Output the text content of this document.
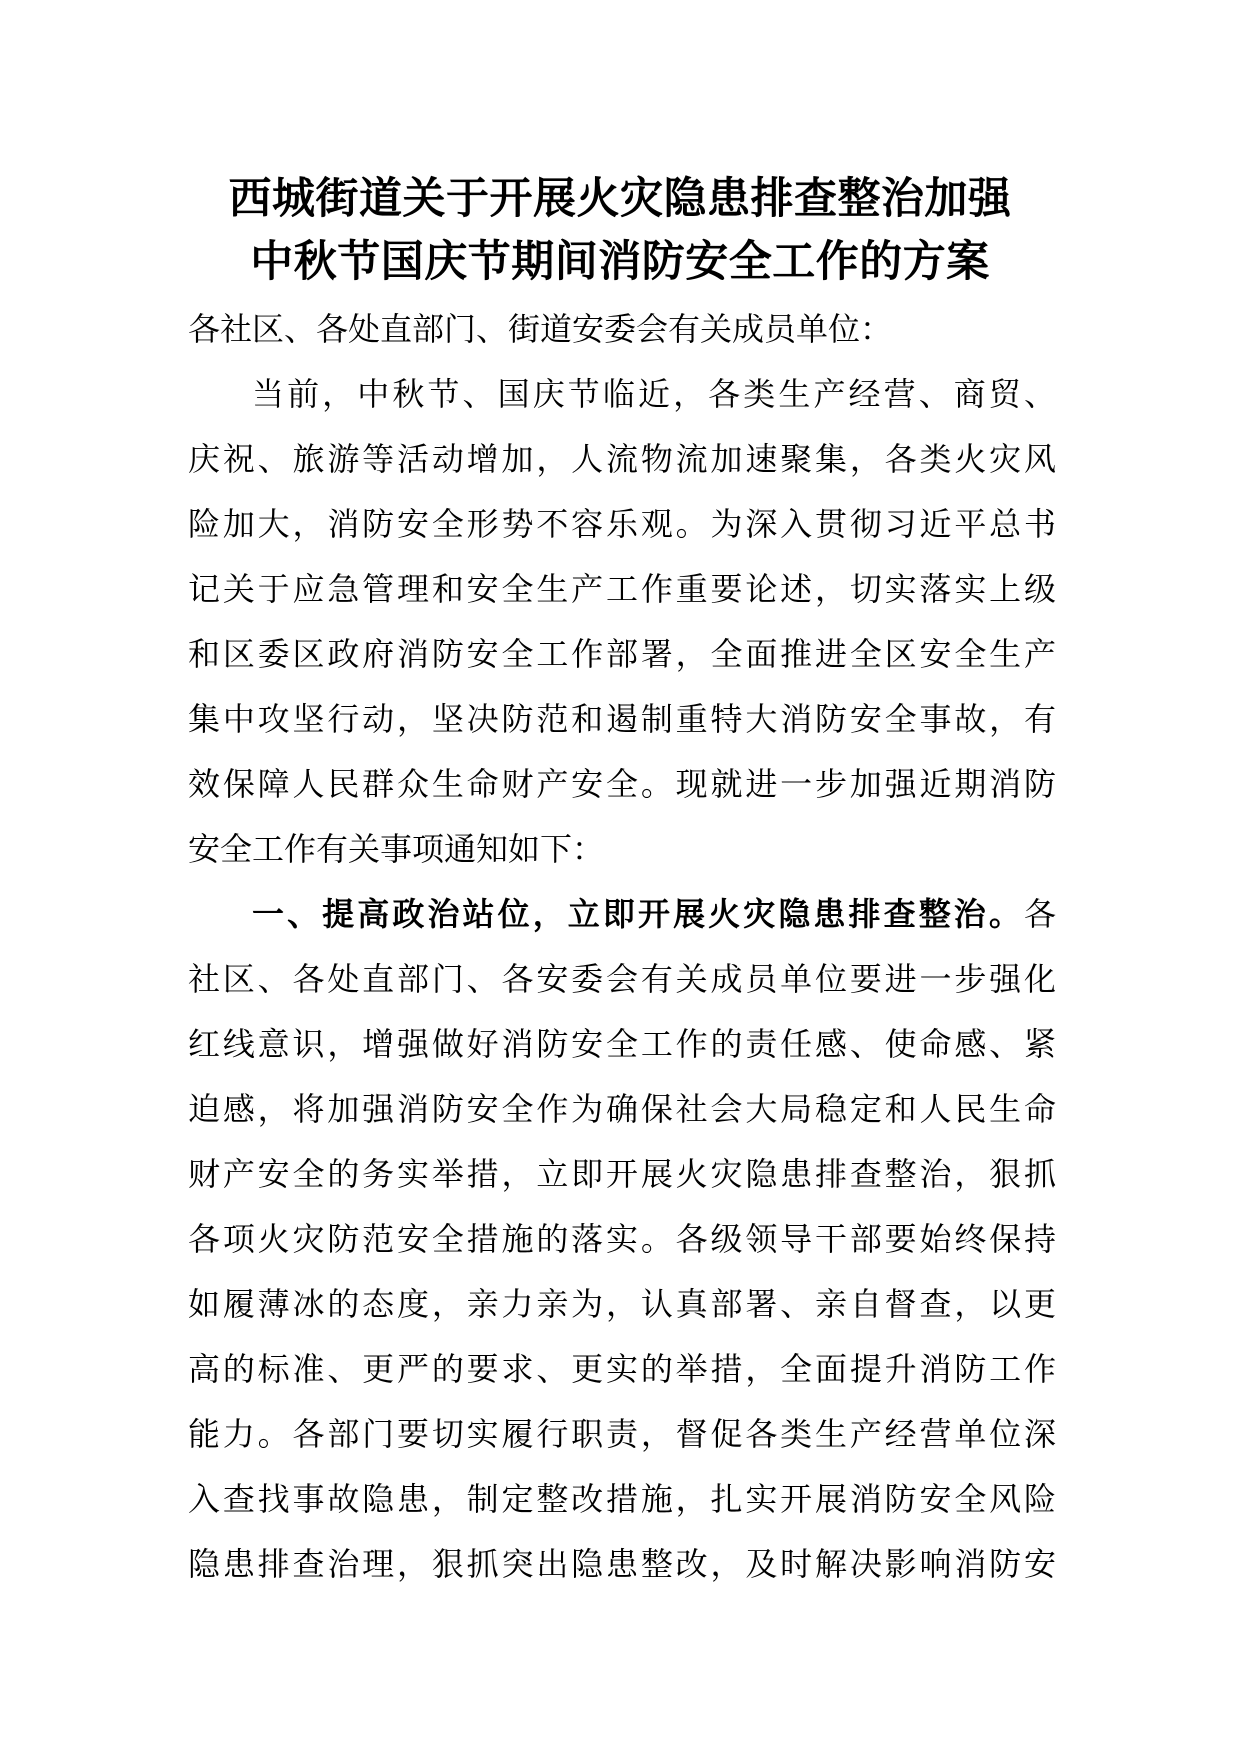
西城街道关于开展火灾隐患排查整治加强
中秋节国庆节期间消防安全工作的方案
各社区、各处直部门、街道安委会有关成员单位：
当前，中秋节、国庆节临近，各类生产经营、商贸、
庆祝、旅游等活动增加，人流物流加速聚集，各类火灾风
险加大，消防安全形势不容乐观。为深入贯彻习近平总书
记关于应急管理和安全生产工作重要论述，切实落实上级
和区委区政府消防安全工作部署，全面推进全区安全生产
集中攻坚行动，坚决防范和遏制重特大消防安全事故，有
效保障人民群众生命财产安全。现就进一步加强近期消防
安全工作有关事项通知如下：
一、提高政治站位，立即开展火灾隐患排查整治。各
社区、各处直部门、各安委会有关成员单位要进一步强化
红线意识，增强做好消防安全工作的责任感、使命感、紧
迫感，将加强消防安全作为确保社会大局稳定和人民生命
财产安全的务实举措，立即开展火灾隐患排查整治，狠抓
各项火灾防范安全措施的落实。各级领导干部要始终保持
如履薄冰的态度，亲力亲为，认真部署、亲自督查，以更
高的标准、更严的要求、更实的举措，全面提升消防工作
能力。各部门要切实履行职责，督促各类生产经营单位深
入查找事故隐患，制定整改措施，扎实开展消防安全风险
隐患排查治理，狠抓突出隐患整改，及时解决影响消防安
